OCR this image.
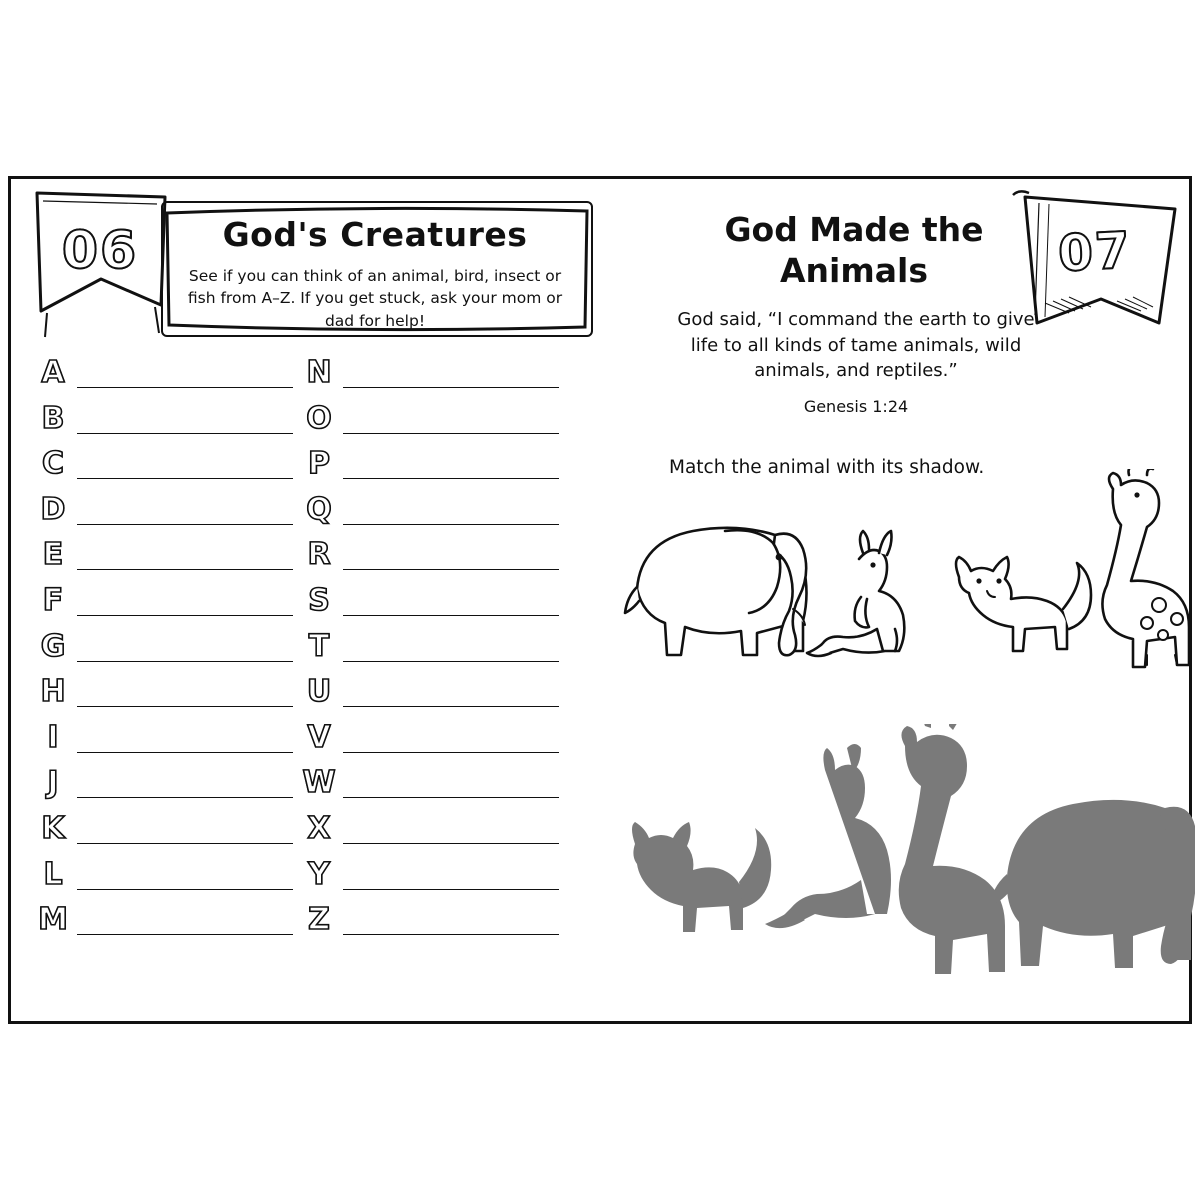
06	God's Creatures
See if you can think of an animal, bird, insect or fish from A–Z. If you get stuck, ask your mom or dad for help!
A
B
C
D
E
F
G
H
I
J
K
L
M
N
O
P
Q
R
S
T
U
V
W
X
Y
Z
God Made the Animals
God said, “I command the earth to give life to all kinds of tame animals, wild animals, and reptiles.”
Genesis 1:24
Match the animal with its shadow.
07
